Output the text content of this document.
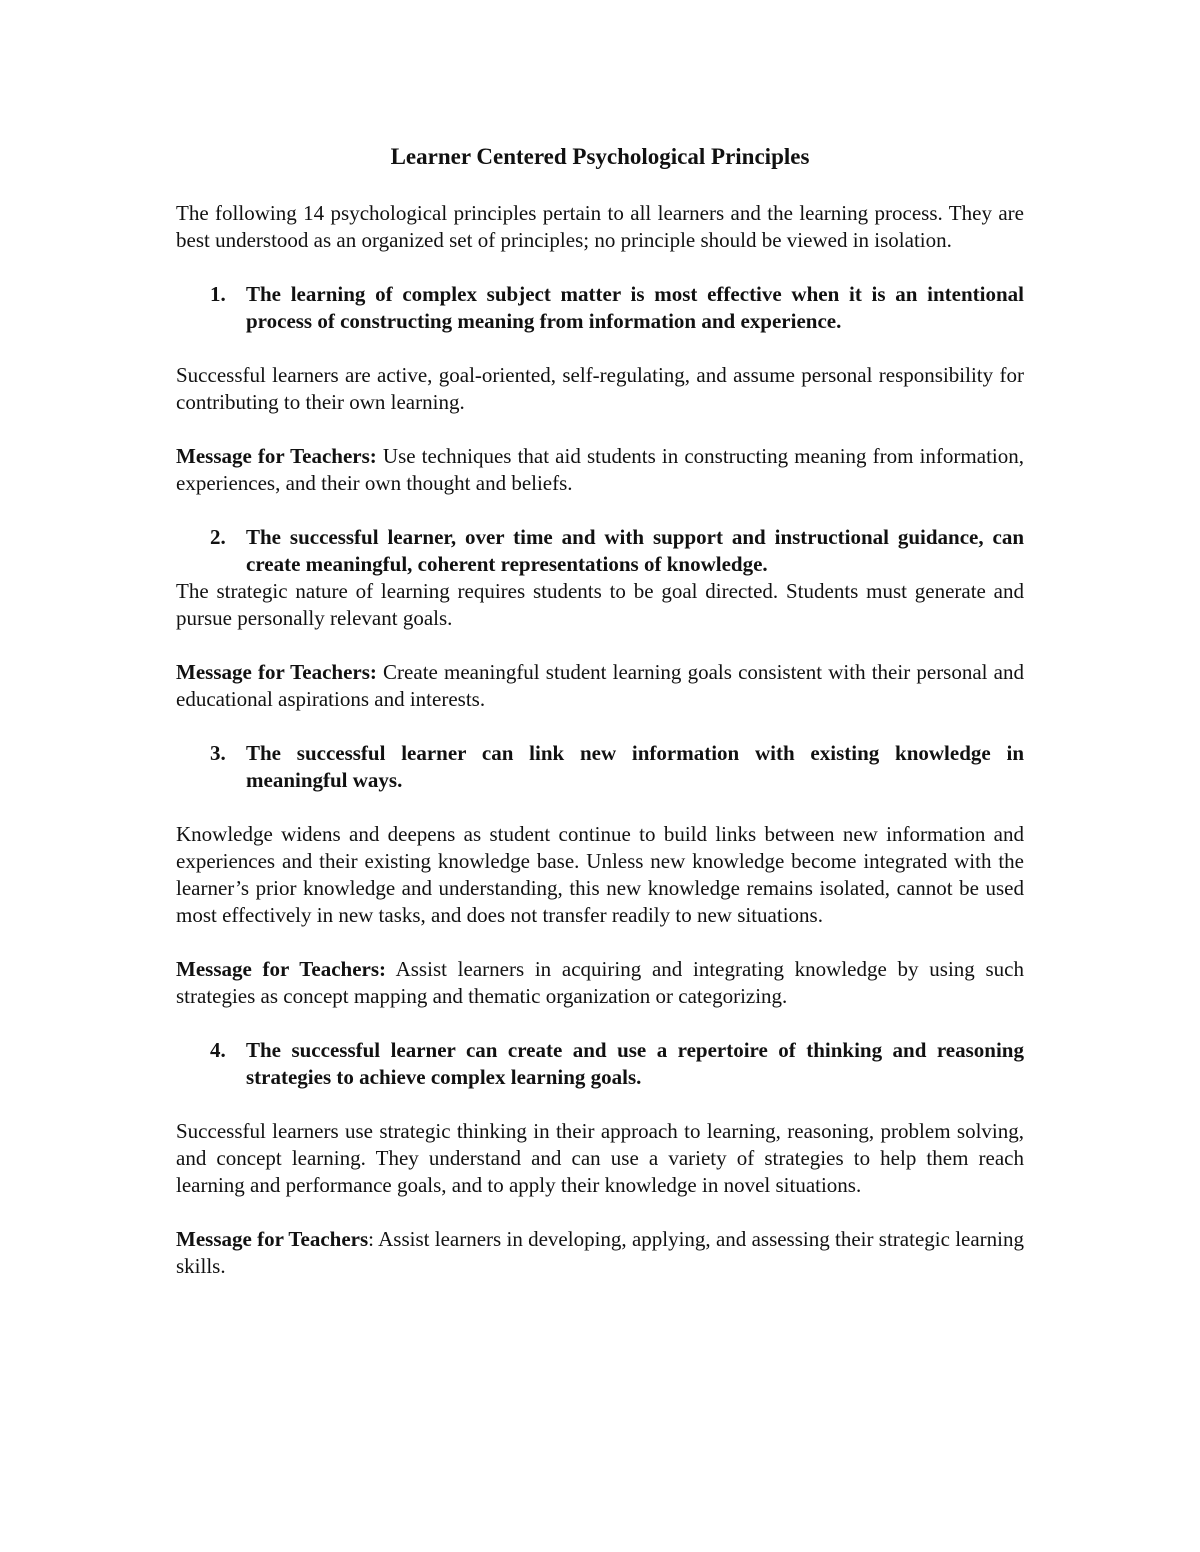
Learner Centered Psychological Principles

The following 14 psychological principles pertain to all learners and the learning process. They are best understood as an organized set of principles; no principle should be viewed in isolation.

1. The learning of complex subject matter is most effective when it is an intentional process of constructing meaning from information and experience.

Successful learners are active, goal-oriented, self-regulating, and assume personal responsibility for contributing to their own learning.

Message for Teachers: Use techniques that aid students in constructing meaning from information, experiences, and their own thought and beliefs.

2. The successful learner, over time and with support and instructional guidance, can create meaningful, coherent representations of knowledge.

The strategic nature of learning requires students to be goal directed. Students must generate and pursue personally relevant goals.

Message for Teachers: Create meaningful student learning goals consistent with their personal and educational aspirations and interests.

3. The successful learner can link new information with existing knowledge in meaningful ways.

Knowledge widens and deepens as student continue to build links between new information and experiences and their existing knowledge base. Unless new knowledge become integrated with the learner’s prior knowledge and understanding, this new knowledge remains isolated, cannot be used most effectively in new tasks, and does not transfer readily to new situations.

Message for Teachers: Assist learners in acquiring and integrating knowledge by using such strategies as concept mapping and thematic organization or categorizing.

4. The successful learner can create and use a repertoire of thinking and reasoning strategies to achieve complex learning goals.

Successful learners use strategic thinking in their approach to learning, reasoning, problem solving, and concept learning. They understand and can use a variety of strategies to help them reach learning and performance goals, and to apply their knowledge in novel situations.

Message for Teachers: Assist learners in developing, applying, and assessing their strategic learning skills.
